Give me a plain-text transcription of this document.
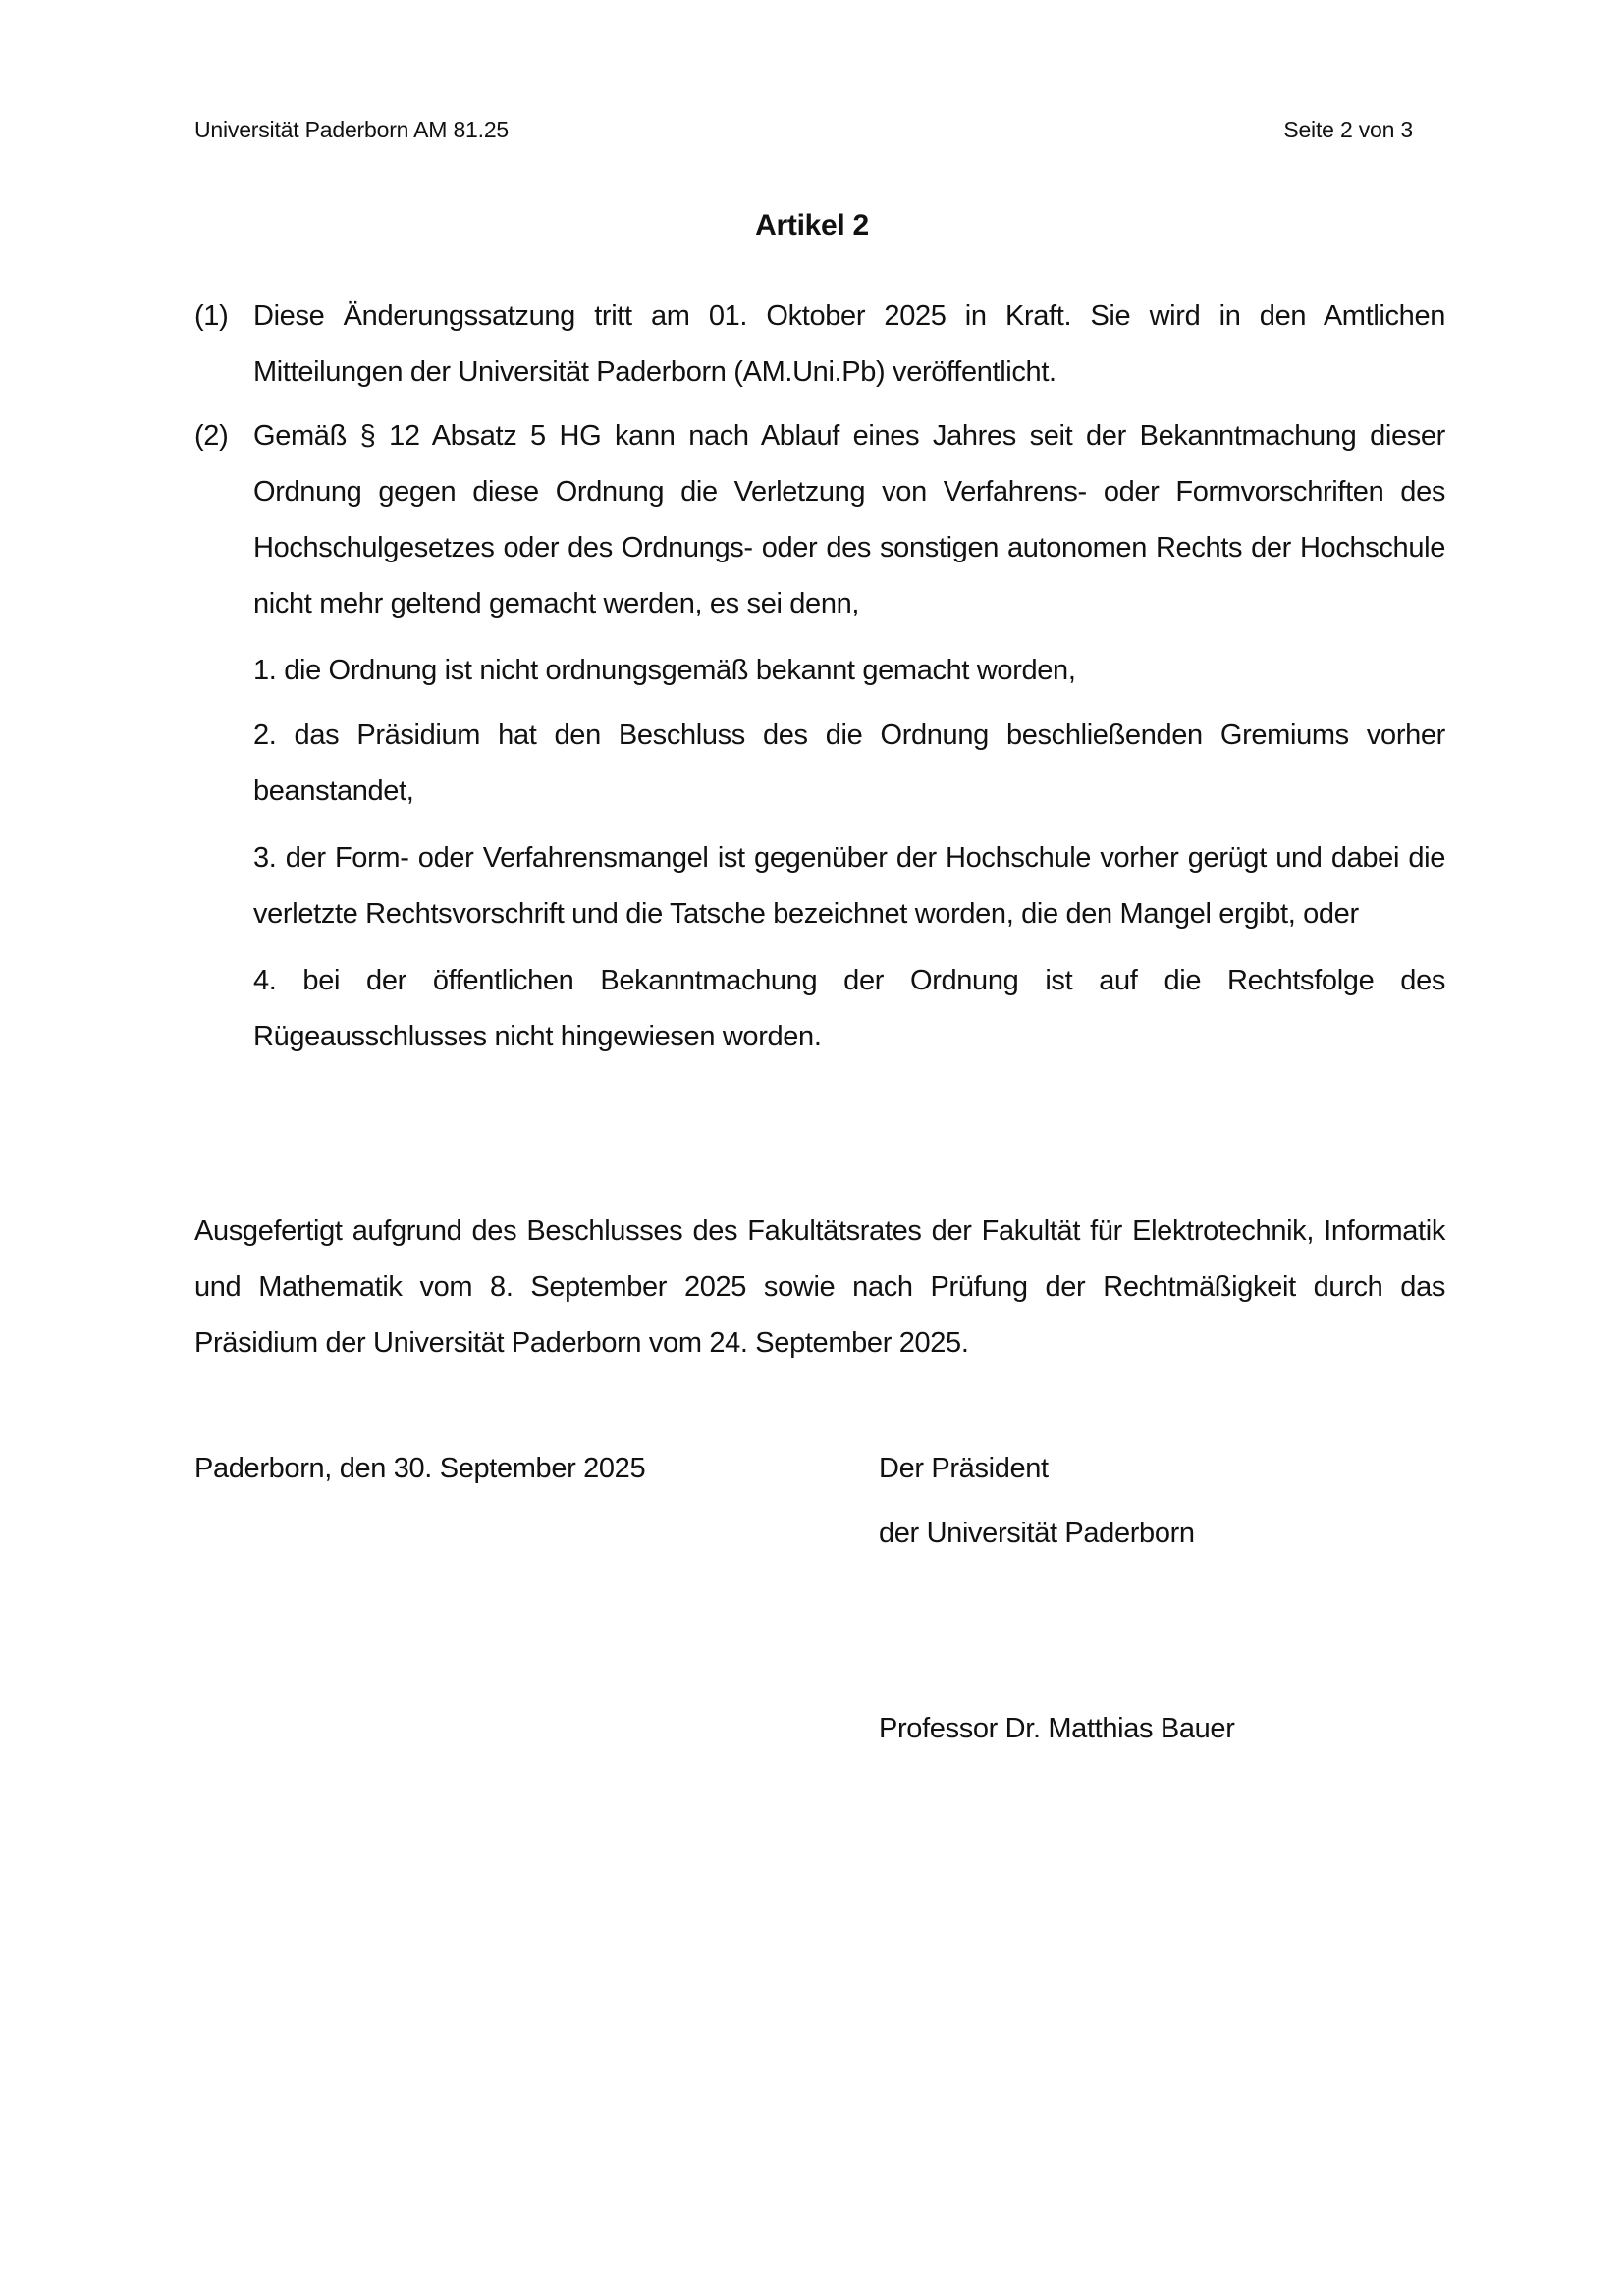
Universität Paderborn AM 81.25	Seite 2 von 3
Artikel 2
(1) Diese Änderungssatzung tritt am 01. Oktober 2025 in Kraft. Sie wird in den Amtlichen Mitteilungen der Universität Paderborn (AM.Uni.Pb) veröffentlicht.
(2) Gemäß § 12 Absatz 5 HG kann nach Ablauf eines Jahres seit der Bekanntmachung dieser Ordnung gegen diese Ordnung die Verletzung von Verfahrens- oder Formvorschriften des Hochschulgesetzes oder des Ordnungs- oder des sonstigen autonomen Rechts der Hochschule nicht mehr geltend gemacht werden, es sei denn,
1. die Ordnung ist nicht ordnungsgemäß bekannt gemacht worden,
2. das Präsidium hat den Beschluss des die Ordnung beschließenden Gremiums vorher beanstandet,
3. der Form- oder Verfahrensmangel ist gegenüber der Hochschule vorher gerügt und dabei die verletzte Rechtsvorschrift und die Tatsche bezeichnet worden, die den Mangel ergibt, oder
4. bei der öffentlichen Bekanntmachung der Ordnung ist auf die Rechtsfolge des Rügeausschlusses nicht hingewiesen worden.
Ausgefertigt aufgrund des Beschlusses des Fakultätsrates der Fakultät für Elektrotechnik, Informatik und Mathematik vom 8. September 2025 sowie nach Prüfung der Rechtmäßigkeit durch das Präsidium der Universität Paderborn vom 24. September 2025.
Paderborn, den 30. September 2025	Der Präsident
der Universität Paderborn
Professor Dr. Matthias Bauer
